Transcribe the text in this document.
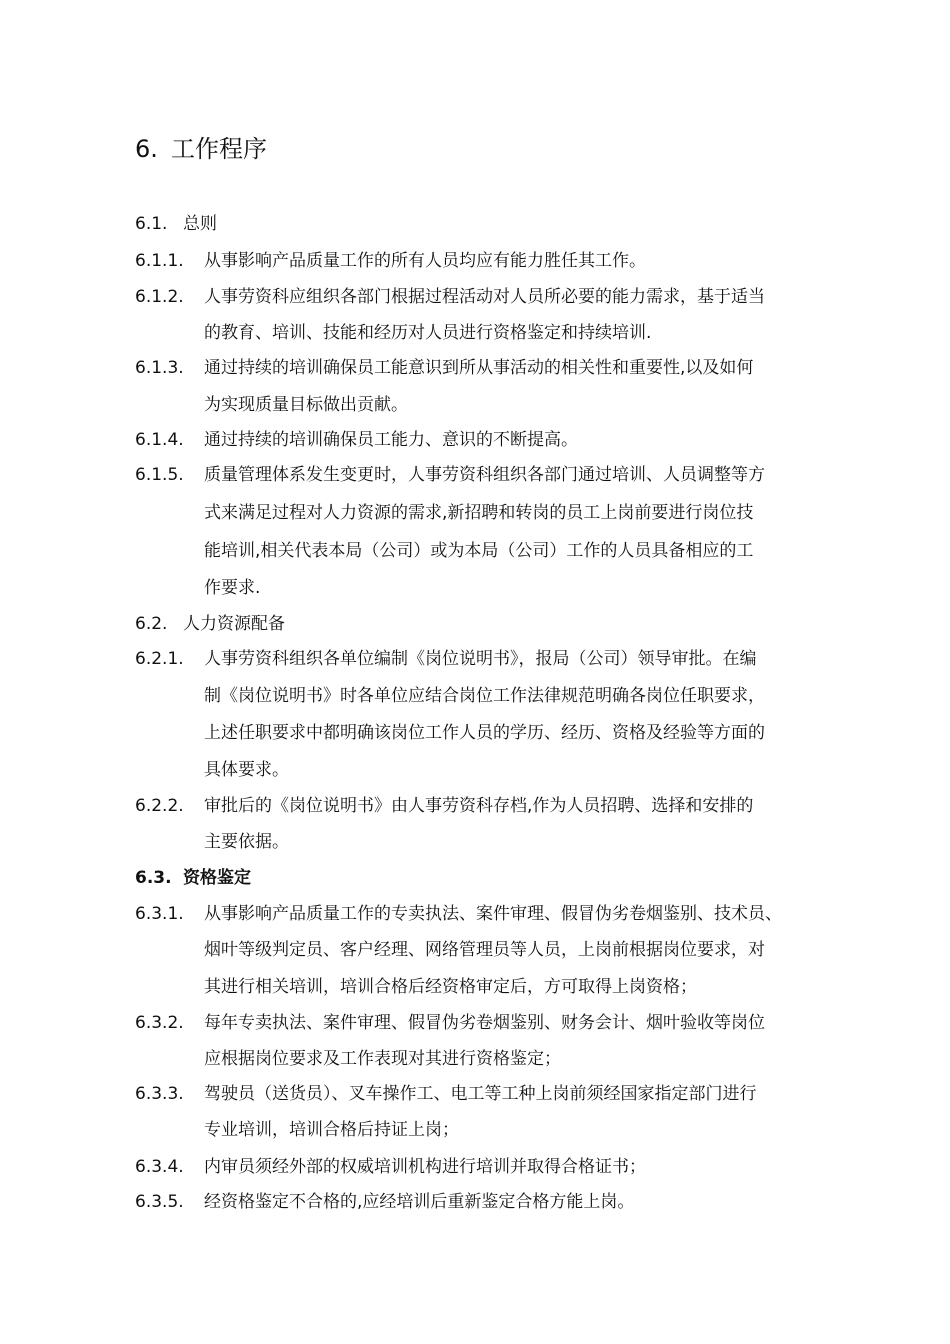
6. 工作程序
6.1. 总则
6.1.1. 从事影响产品质量工作的所有人员均应有能力胜任其工作。
6.1.2. 人事劳资科应组织各部门根据过程活动对人员所必要的能力需求，基于适当
的教育、培训、技能和经历对人员进行资格鉴定和持续培训.
6.1.3. 通过持续的培训确保员工能意识到所从事活动的相关性和重要性,以及如何
为实现质量目标做出贡献。
6.1.4. 通过持续的培训确保员工能力、意识的不断提高。
6.1.5. 质量管理体系发生变更时，人事劳资科组织各部门通过培训、人员调整等方
式来满足过程对人力资源的需求,新招聘和转岗的员工上岗前要进行岗位技
能培训,相关代表本局（公司）或为本局（公司）工作的人员具备相应的工
作要求.
6.2. 人力资源配备
6.2.1. 人事劳资科组织各单位编制《岗位说明书》，报局（公司）领导审批。在编
制《岗位说明书》时各单位应结合岗位工作法律规范明确各岗位任职要求，
上述任职要求中都明确该岗位工作人员的学历、经历、资格及经验等方面的
具体要求。
6.2.2. 审批后的《岗位说明书》由人事劳资科存档,作为人员招聘、选择和安排的
主要依据。
6.3. 资格鉴定
6.3.1. 从事影响产品质量工作的专卖执法、案件审理、假冒伪劣卷烟鉴别、技术员、
烟叶等级判定员、客户经理、网络管理员等人员，上岗前根据岗位要求，对
其进行相关培训，培训合格后经资格审定后，方可取得上岗资格；
6.3.2. 每年专卖执法、案件审理、假冒伪劣卷烟鉴别、财务会计、烟叶验收等岗位
应根据岗位要求及工作表现对其进行资格鉴定；
6.3.3. 驾驶员（送货员）、叉车操作工、电工等工种上岗前须经国家指定部门进行
专业培训，培训合格后持证上岗；
6.3.4. 内审员须经外部的权威培训机构进行培训并取得合格证书；
6.3.5. 经资格鉴定不合格的,应经培训后重新鉴定合格方能上岗。
